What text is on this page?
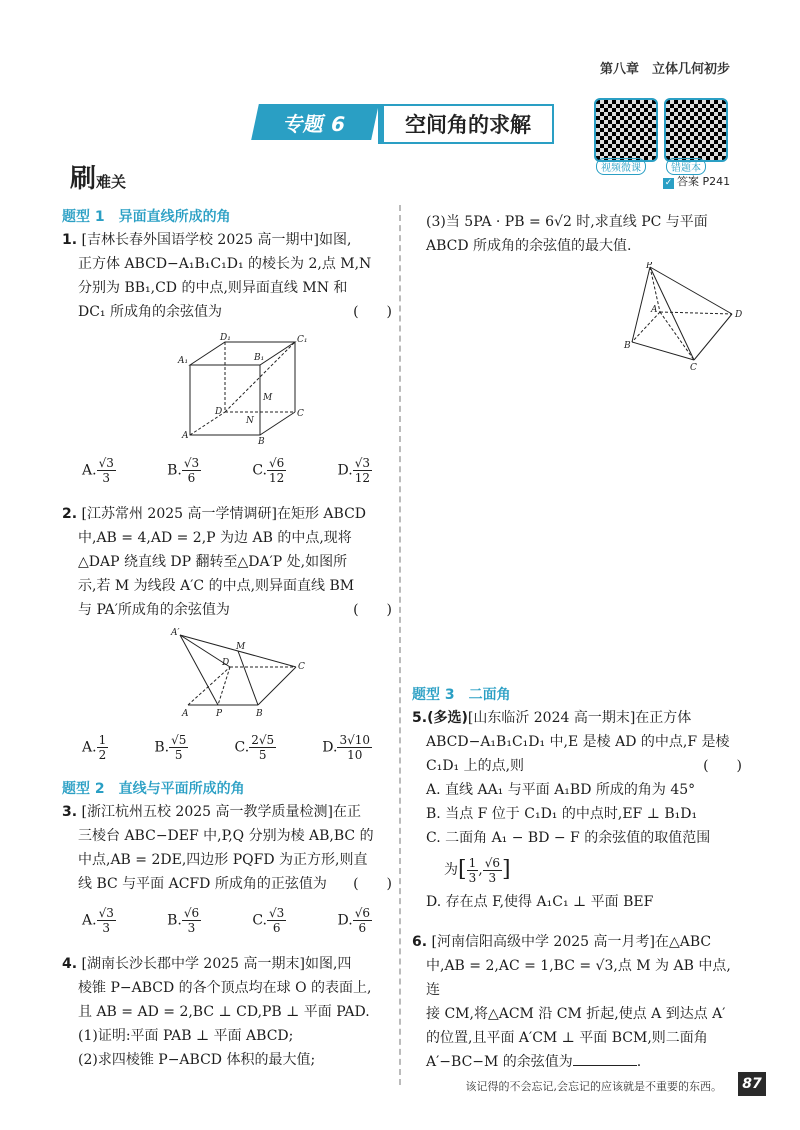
第八章　立体几何初步
专题 6	空间角的求解
视频微课	错题本
✓ 答案 P241
刷难关
题型 1　异面直线所成的角
1. [吉林长春外国语学校 2025 高一期中]如图,
正方体 ABCD−A₁B₁C₁D₁ 的棱长为 2,点 M,N
分别为 BB₁,CD 的中点,则异面直线 MN 和
DC₁ 所成角的余弦值为	(　　)
D₁	C₁
A₁	B₁
M
D
N
C
A
B
A. $\frac{√3}{3}$	B. $\frac{√3}{6}$	C. $\frac{√6}{12}$	D. $\frac{√3}{12}$
2. [江苏常州 2025 高一学情调研]在矩形 ABCD
中,AB = 4,AD = 2,P 为边 AB 的中点,现将
△DAP 绕直线 DP 翻转至△DA′P 处,如图所
示,若 M 为线段 A′C 的中点,则异面直线 BM
与 PA′所成角的余弦值为	(　　)
A′
M
D	C
A	P	B
A. $\frac{1}{2}$	B. $\frac{√5}{5}$	C. $\frac{2√5}{5}$	D. $\frac{3√10}{10}$
题型 2　直线与平面所成的角
3. [浙江杭州五校 2025 高一教学质量检测]在正
三棱台 ABC−DEF 中,P,Q 分别为棱 AB,BC 的
中点,AB = 2DE,四边形 PQFD 为正方形,则直
线 BC 与平面 ACFD 所成角的正弦值为 (　　)
A. $\frac{√3}{3}$	B. $\frac{√6}{3}$	C. $\frac{√3}{6}$	D. $\frac{√6}{6}$
4. [湖南长沙长郡中学 2025 高一期末]如图,四
棱锥 P−ABCD 的各个顶点均在球 O 的表面上,
且 AB = AD = 2,BC ⊥ CD,PB ⊥ 平面 PAD.
(1)证明:平面 PAB ⊥ 平面 ABCD;
(2)求四棱锥 P−ABCD 体积的最大值;
(3)当 5PA · PB = 6√2 时,求直线 PC 与平面
ABCD 所成角的余弦值的最大值.
P
A	D
B
C
题型 3　二面角
5.(多选)[山东临沂 2024 高一期末]在正方体
ABCD−A₁B₁C₁D₁ 中,E 是棱 AD 的中点,F 是棱
C₁D₁ 上的点,则	(　　)
A. 直线 AA₁ 与平面 A₁BD 所成的角为 45°
B. 当点 F 位于 C₁D₁ 的中点时,EF ⊥ B₁D₁
C. 二面角 A₁ − BD − F 的余弦值的取值范围
为 [ $\frac{1}{3}$ , $\frac{√6}{3}$ ]
D. 存在点 F,使得 A₁C₁ ⊥ 平面 BEF
6. [河南信阳高级中学 2025 高一月考]在△ABC
中,AB = 2,AC = 1,BC = √3,点 M 为 AB 中点,连
接 CM,将△ACM 沿 CM 折起,使点 A 到达点 A′
的位置,且平面 A′CM ⊥ 平面 BCM,则二面角
A′−BC−M 的余弦值为	.
该记得的不会忘记,会忘记的应该就是不重要的东西。	87
